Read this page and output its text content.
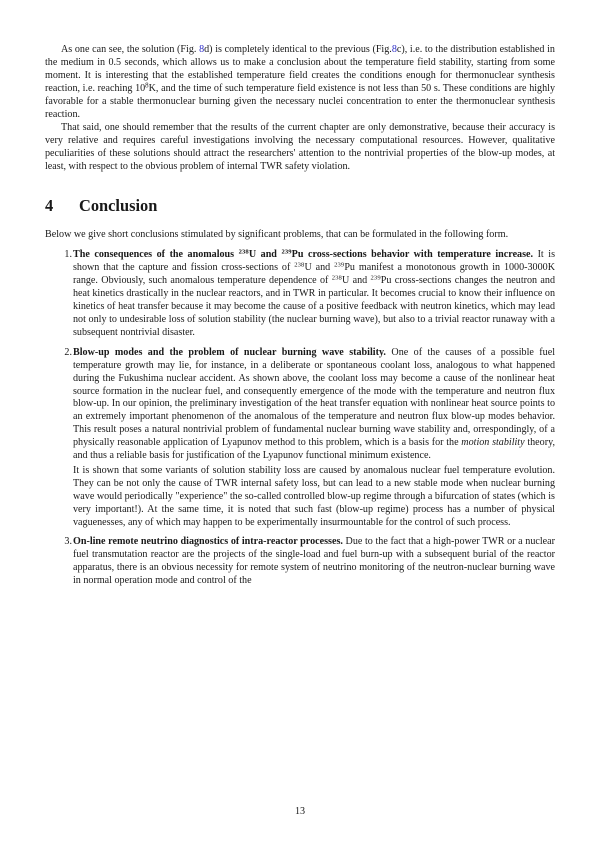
As one can see, the solution (Fig. 8d) is completely identical to the previous (Fig.8c), i.e. to the distribution established in the medium in 0.5 seconds, which allows us to make a conclusion about the temperature field stability, starting from some moment. It is interesting that the established temperature field creates the conditions enough for thermonuclear synthesis reaction, i.e. reaching $10^8K$, and the time of such temperature field existence is not less than 50 s. These conditions are highly favorable for a stable thermonuclear burning given the necessary nuclei concentration to enter the thermonuclear synthesis reaction.

That said, one should remember that the results of the current chapter are only demonstrative, because their accuracy is very relative and requires careful investigations involving the necessary computational resources. However, qualitative peculiarities of these solutions should attract the researchers' attention to the nontrivial properties of the blow-up modes, at least, with respect to the obvious problem of internal TWR safety violation.

4	Conclusion

Below we give short conclusions stimulated by significant problems, that can be formulated in the following form.

1. The consequences of the anomalous $^{238}$U and $^{239}$Pu cross-sections behavior with temperature increase. It is shown that the capture and fission cross-sections of $^{238}$U and $^{239}$Pu manifest a monotonous growth in 1000-3000K range. Obviously, such anomalous temperature dependence of $^{238}$U and $^{239}$Pu cross-sections changes the neutron and heat kinetics drastically in the nuclear reactors, and in TWR in particular. It becomes crucial to know their influence on kinetics of heat transfer because it may become the cause of a positive feedback with neutron kinetics, which may lead not only to undesirable loss of solution stability (the nuclear burning wave), but also to a trivial reactor runaway with a subsequent nontrivial disaster.

2. Blow-up modes and the problem of nuclear burning wave stability. One of the causes of a possible fuel temperature growth may lie, for instance, in a deliberate or spontaneous coolant loss, analogous to what happened during the Fukushima nuclear accident. As shown above, the coolant loss may become a cause of the nonlinear heat source formation in the nuclear fuel, and consequently emergence of the mode with the temperature and neutron flux blow-up. In our opinion, the preliminary investigation of the heat transfer equation with nonlinear heat source points to an extremely important phenomenon of the anomalous of the temperature and neutron flux blow-up modes behavior. This result poses a natural nontrivial problem of fundamental nuclear burning wave stability and, orrespondingly, of a physically reasonable application of Lyapunov method to this problem, which is a basis for the motion stability theory, and thus a reliable basis for justification of the Lyapunov functional minimum existence.

It is shown that some variants of solution stability loss are caused by anomalous nuclear fuel temperature evolution. They can be not only the cause of TWR internal safety loss, but can lead to a new stable mode when nuclear burning wave would periodically "experience" the so-called controlled blow-up regime through a bifurcation of states (which is very important!). At the same time, it is noted that such fast (blow-up regime) process has a number of physical vaguenesses, any of which may happen to be experimentally insurmountable for the control of such process.

3. On-line remote neutrino diagnostics of intra-reactor processes. Due to the fact that a high-power TWR or a nuclear fuel transmutation reactor are the projects of the single-load and fuel burn-up with a subsequent burial of the reactor apparatus, there is an obvious necessity for remote system of neutrino monitoring of the neutron-nuclear burning wave in normal operation mode and control of the

13
